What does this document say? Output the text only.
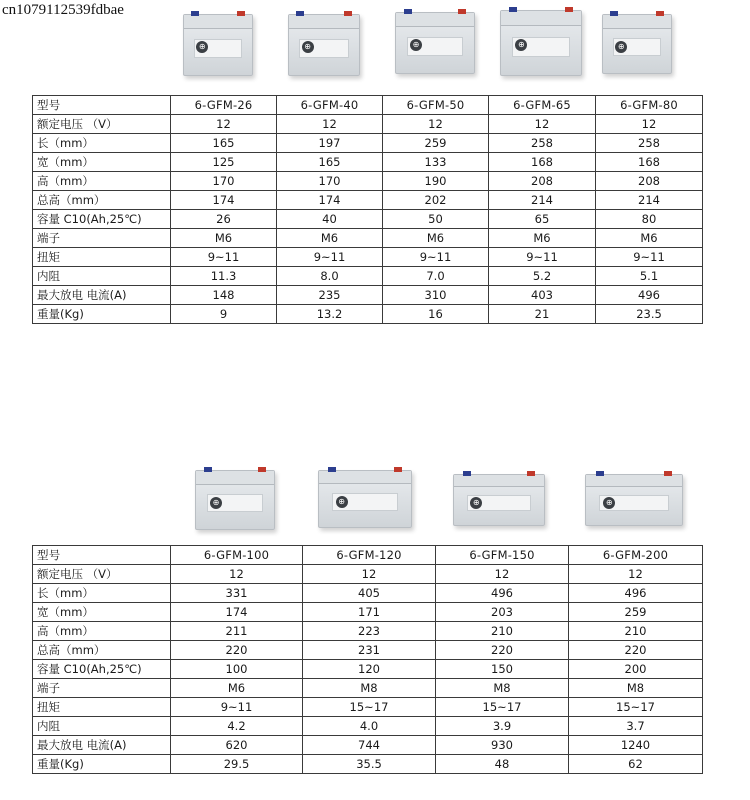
cn1079112539fdbae
⊕	⊕	⊕	⊕	⊕
型号	6-GFM-26	6-GFM-40	6-GFM-50	6-GFM-65	6-GFM-80
额定电压 （V）	12	12	12	12	12
长（mm）	165	197	259	258	258
宽（mm）	125	165	133	168	168
高（mm）	170	170	190	208	208
总高（mm）	174	174	202	214	214
容量 C10(Ah,25℃)	26	40	50	65	80
端子	M6	M6	M6	M6	M6
扭矩	9~11	9~11	9~11	9~11	9~11
内阻	11.3	8.0	7.0	5.2	5.1
最大放电 电流(A)	148	235	310	403	496
重量(Kg)	9	13.2	16	21	23.5
⊕	⊕	⊕	⊕
型号	6-GFM-100	6-GFM-120	6-GFM-150	6-GFM-200
额定电压 （V）	12	12	12	12
长（mm）	331	405	496	496
宽（mm）	174	171	203	259
高（mm）	211	223	210	210
总高（mm）	220	231	220	220
容量 C10(Ah,25℃)	100	120	150	200
端子	M6	M8	M8	M8
扭矩	9~11	15~17	15~17	15~17
内阻	4.2	4.0	3.9	3.7
最大放电 电流(A)	620	744	930	1240
重量(Kg)	29.5	35.5	48	62
